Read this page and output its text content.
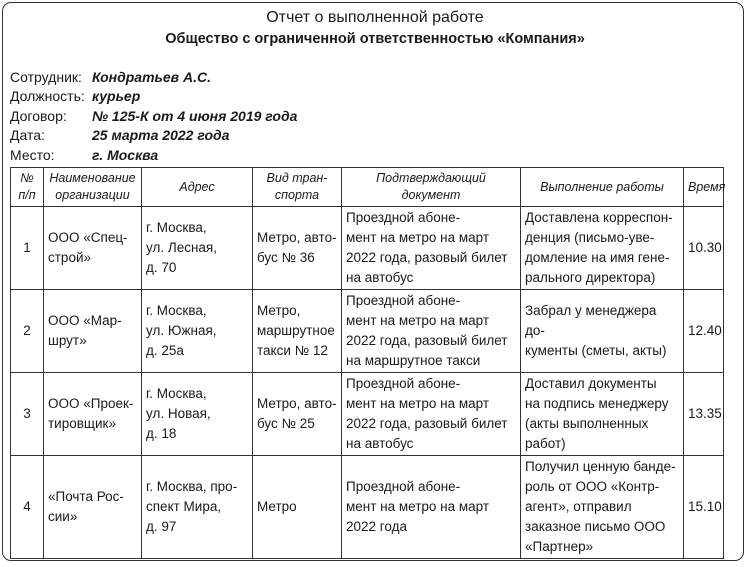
Отчет о выполненной работе
Общество с ограниченной ответственностью «Компания»
Сотрудник: Кондратьев А.С.
Должность: курьер
Договор:	№ 125-К от 4 июня 2019 года
Дата:	25 марта 2022 года
Место:	г. Москва
№
п/п	Наименование
организации	Адрес	Вид тран-
спорта	Подтверждающий документ	Выполнение работы	Время
1	ООО «Спец-
строй»	г. Москва,
ул. Лесная,
д. 70	Метро, авто-
бус № 36	Проездной абоне-
мент на метро на март
2022 года, разовый билет
на автобус	Доставлена корреспон-
денция (письмо-уве-
домление на имя гене-
рального директора)	10.30
2	ООО «Мар-
шрут»	г. Москва,
ул. Южная,
д. 25а	Метро,
маршрутное
такси № 12	Проездной абоне-
мент на метро на март
2022 года, разовый билет
на маршрутное такси	Забрал у менеджера до-
кументы (сметы, акты)	12.40
3	ООО «Проек-
тировщик»	г. Москва,
ул. Новая,
д. 18	Метро, авто-
бус № 25	Проездной абоне-
мент на метро на март
2022 года, разовый билет
на автобус	Доставил документы
на подпись менеджеру
(акты выполненных
работ)	13.35
4	«Почта Рос-
сии»	г. Москва, про-
спект Мира,
д. 97	Метро	Проездной абоне-
мент на метро на март
2022 года	Получил ценную банде-
роль от ООО «Контр-
агент», отправил
заказное письмо ООО
«Партнер»	15.10
